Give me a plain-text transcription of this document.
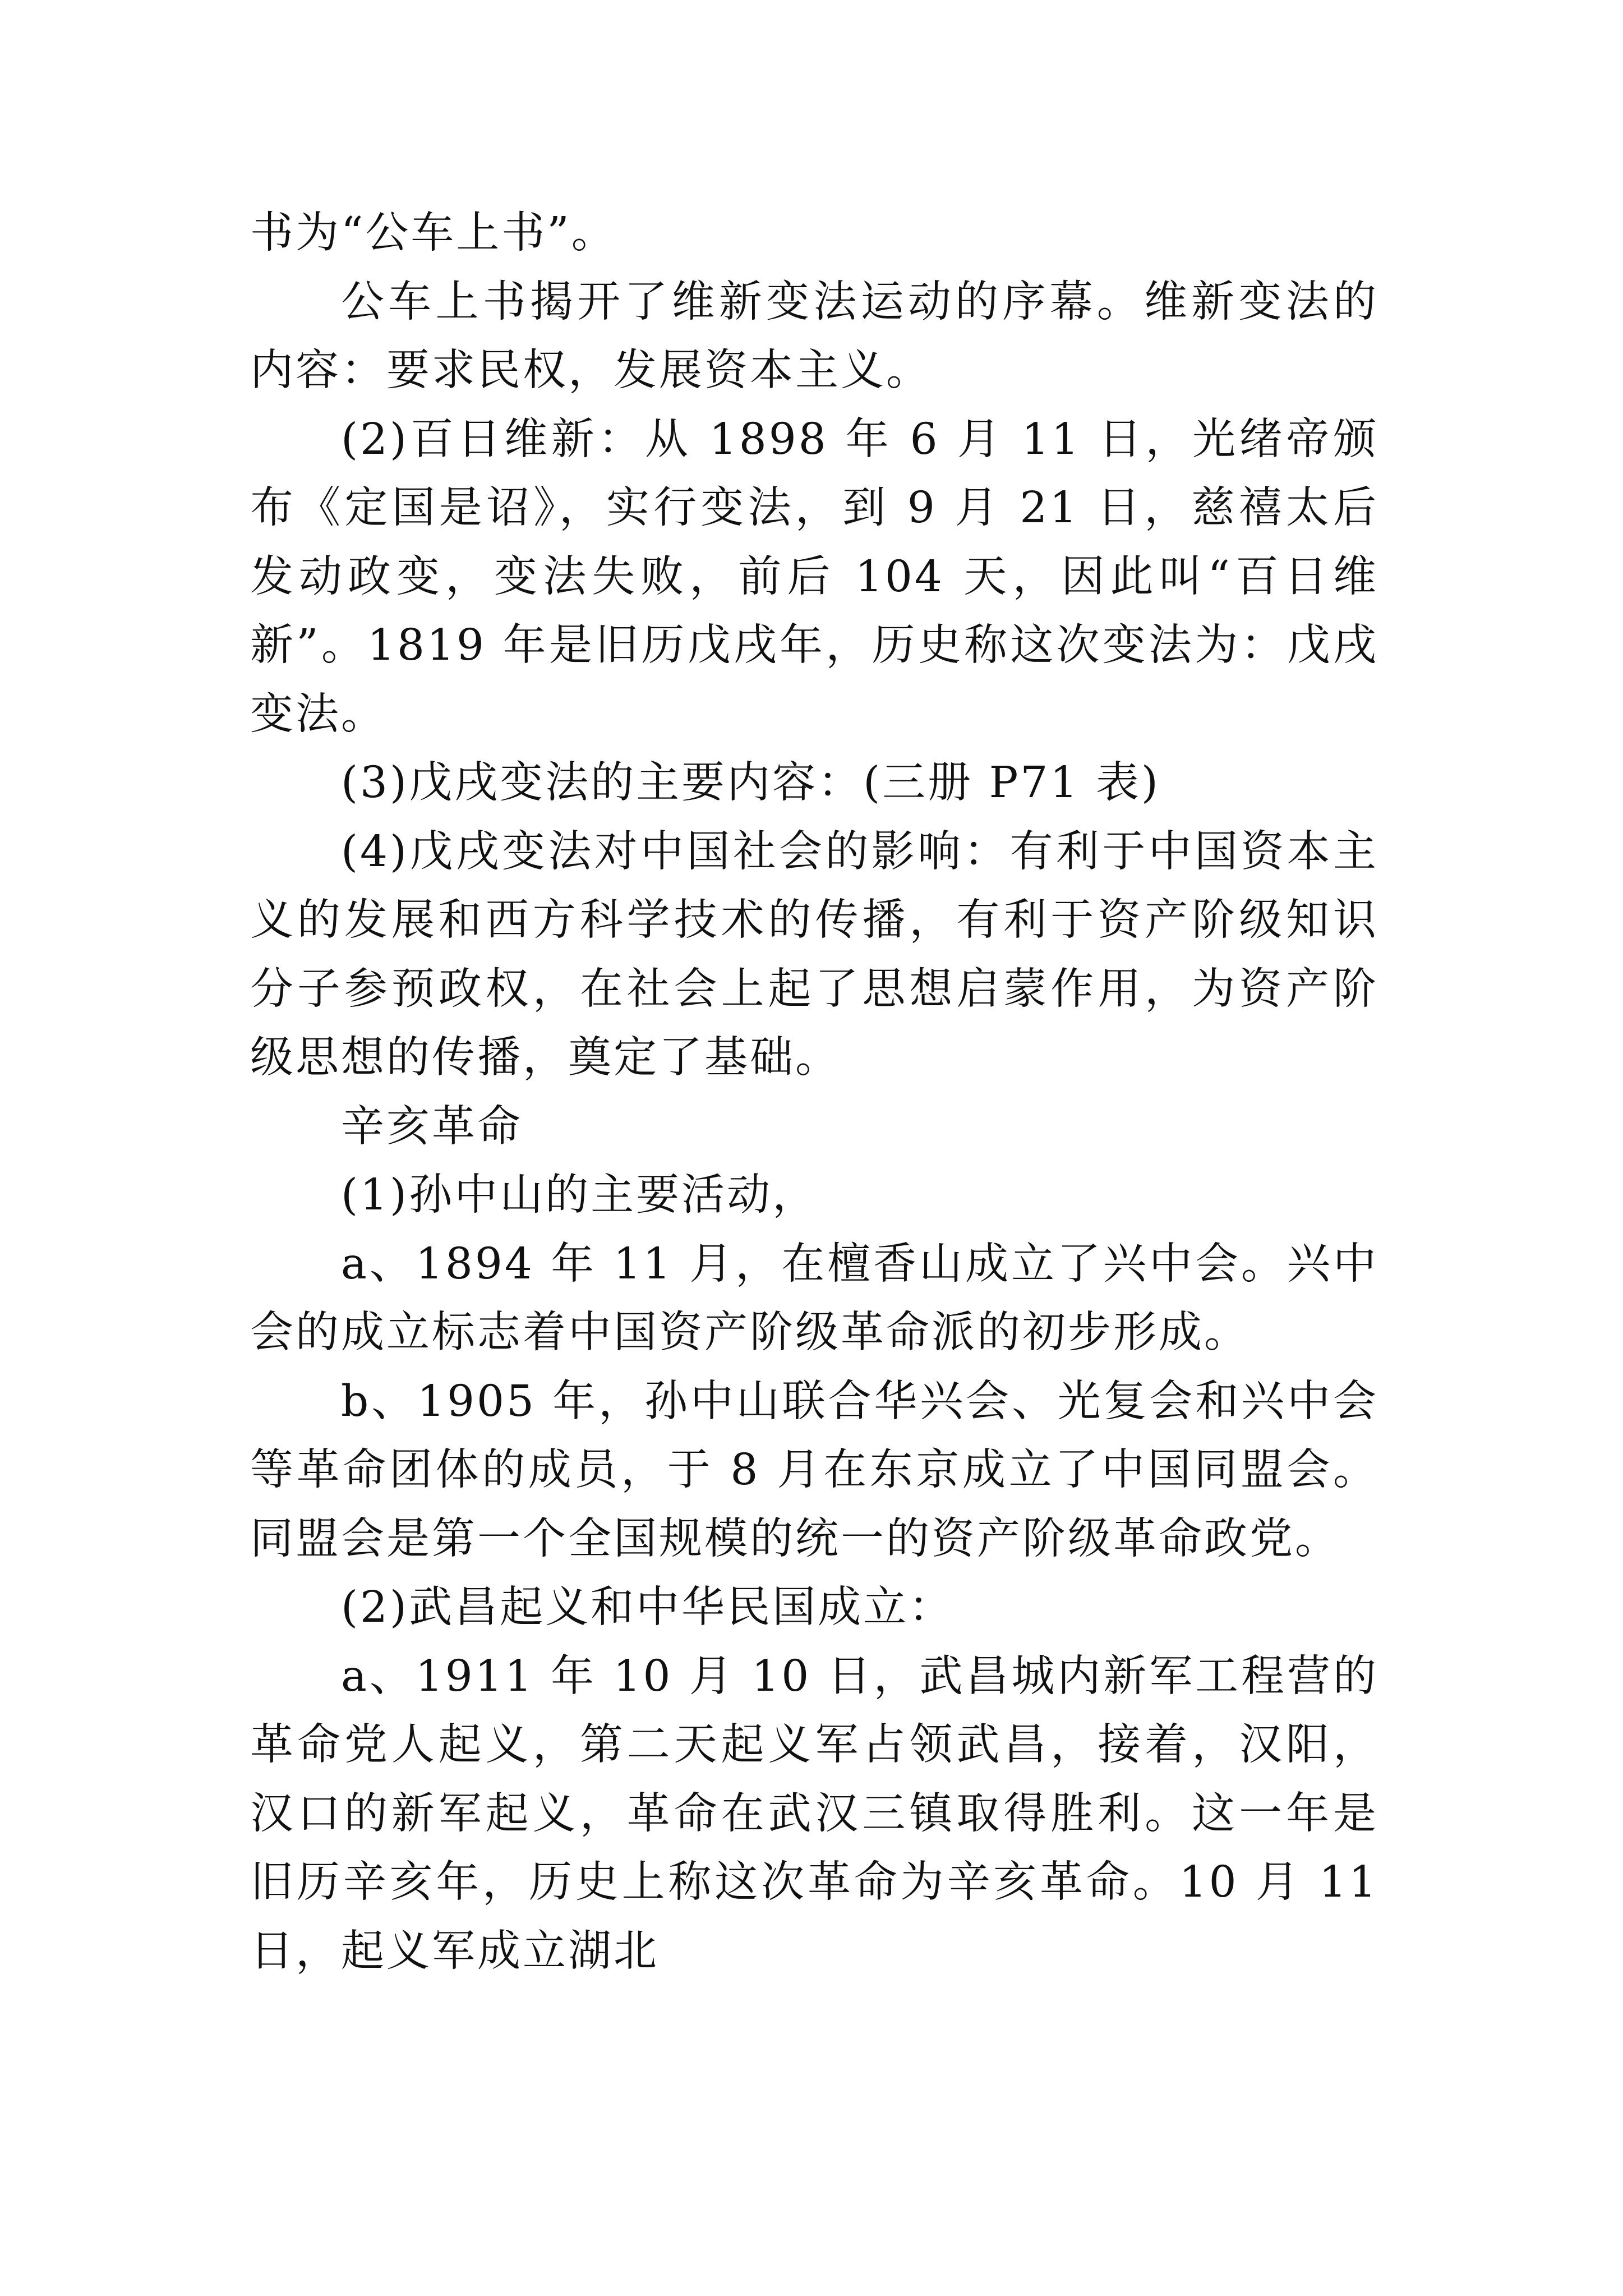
书为“公车上书”。

公车上书揭开了维新变法运动的序幕。维新变法的内容：要求民权，发展资本主义。

(2)百日维新：从 1898 年 6 月 11 日，光绪帝颁布《定国是诏》，实行变法，到 9 月 21 日，慈禧太后发动政变，变法失败，前后 104 天，因此叫“百日维新”。1819 年是旧历戊戌年，历史称这次变法为：戊戌变法。

(3)戊戌变法的主要内容：(三册 P71 表)

(4)戊戌变法对中国社会的影响：有利于中国资本主义的发展和西方科学技术的传播，有利于资产阶级知识分子参预政权，在社会上起了思想启蒙作用，为资产阶级思想的传播，奠定了基础。

辛亥革命

(1)孙中山的主要活动，

a、1894 年 11 月，在檀香山成立了兴中会。兴中会的成立标志着中国资产阶级革命派的初步形成。

b、1905 年，孙中山联合华兴会、光复会和兴中会等革命团体的成员，于 8 月在东京成立了中国同盟会。同盟会是第一个全国规模的统一的资产阶级革命政党。

(2)武昌起义和中华民国成立：

a、1911 年 10 月 10 日，武昌城内新军工程营的革命党人起义，第二天起义军占领武昌，接着，汉阳，汉口的新军起义，革命在武汉三镇取得胜利。这一年是旧历辛亥年，历史上称这次革命为辛亥革命。10 月 11 日，起义军成立湖北
